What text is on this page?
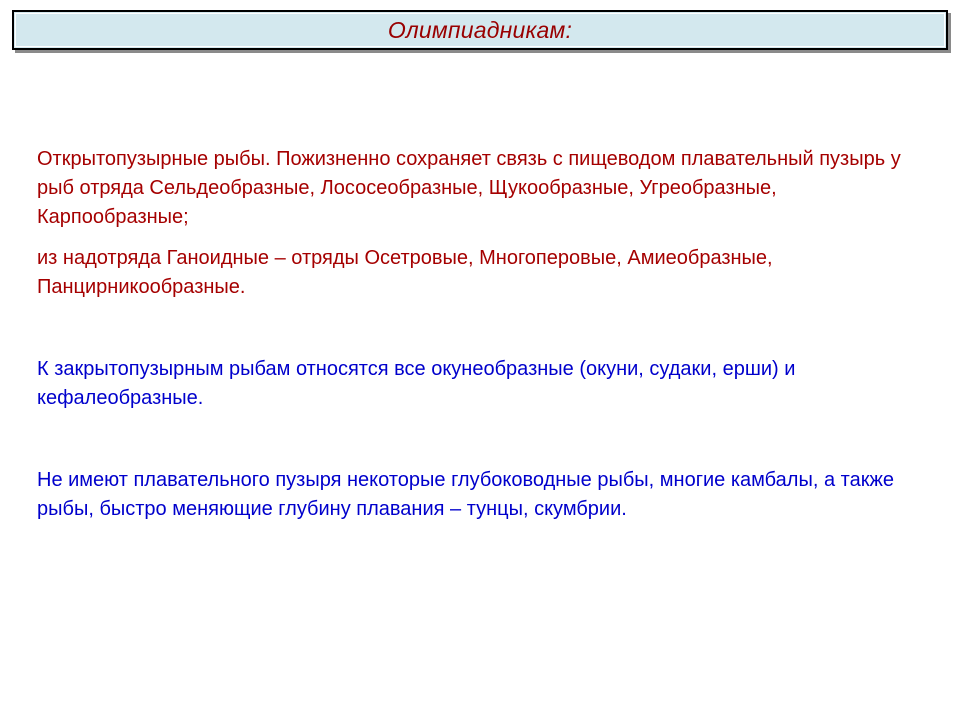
Олимпиадникам:

Открытопузырные рыбы. Пожизненно сохраняет связь с пищеводом плавательный пузырь у рыб отряда Сельдеобразные, Лососеобразные, Щукообразные, Угреобразные, Карпообразные;

из надотряда Ганоидные – отряды Осетровые, Многоперовые, Амиеобразные, Панцирникообразные.

К закрытопузырным рыбам относятся все окунеобразные (окуни, судаки, ерши) и кефалеобразные.

Не имеют плавательного пузыря некоторые глубоководные рыбы, многие камбалы, а также рыбы, быстро меняющие глубину плавания – тунцы, скумбрии.
